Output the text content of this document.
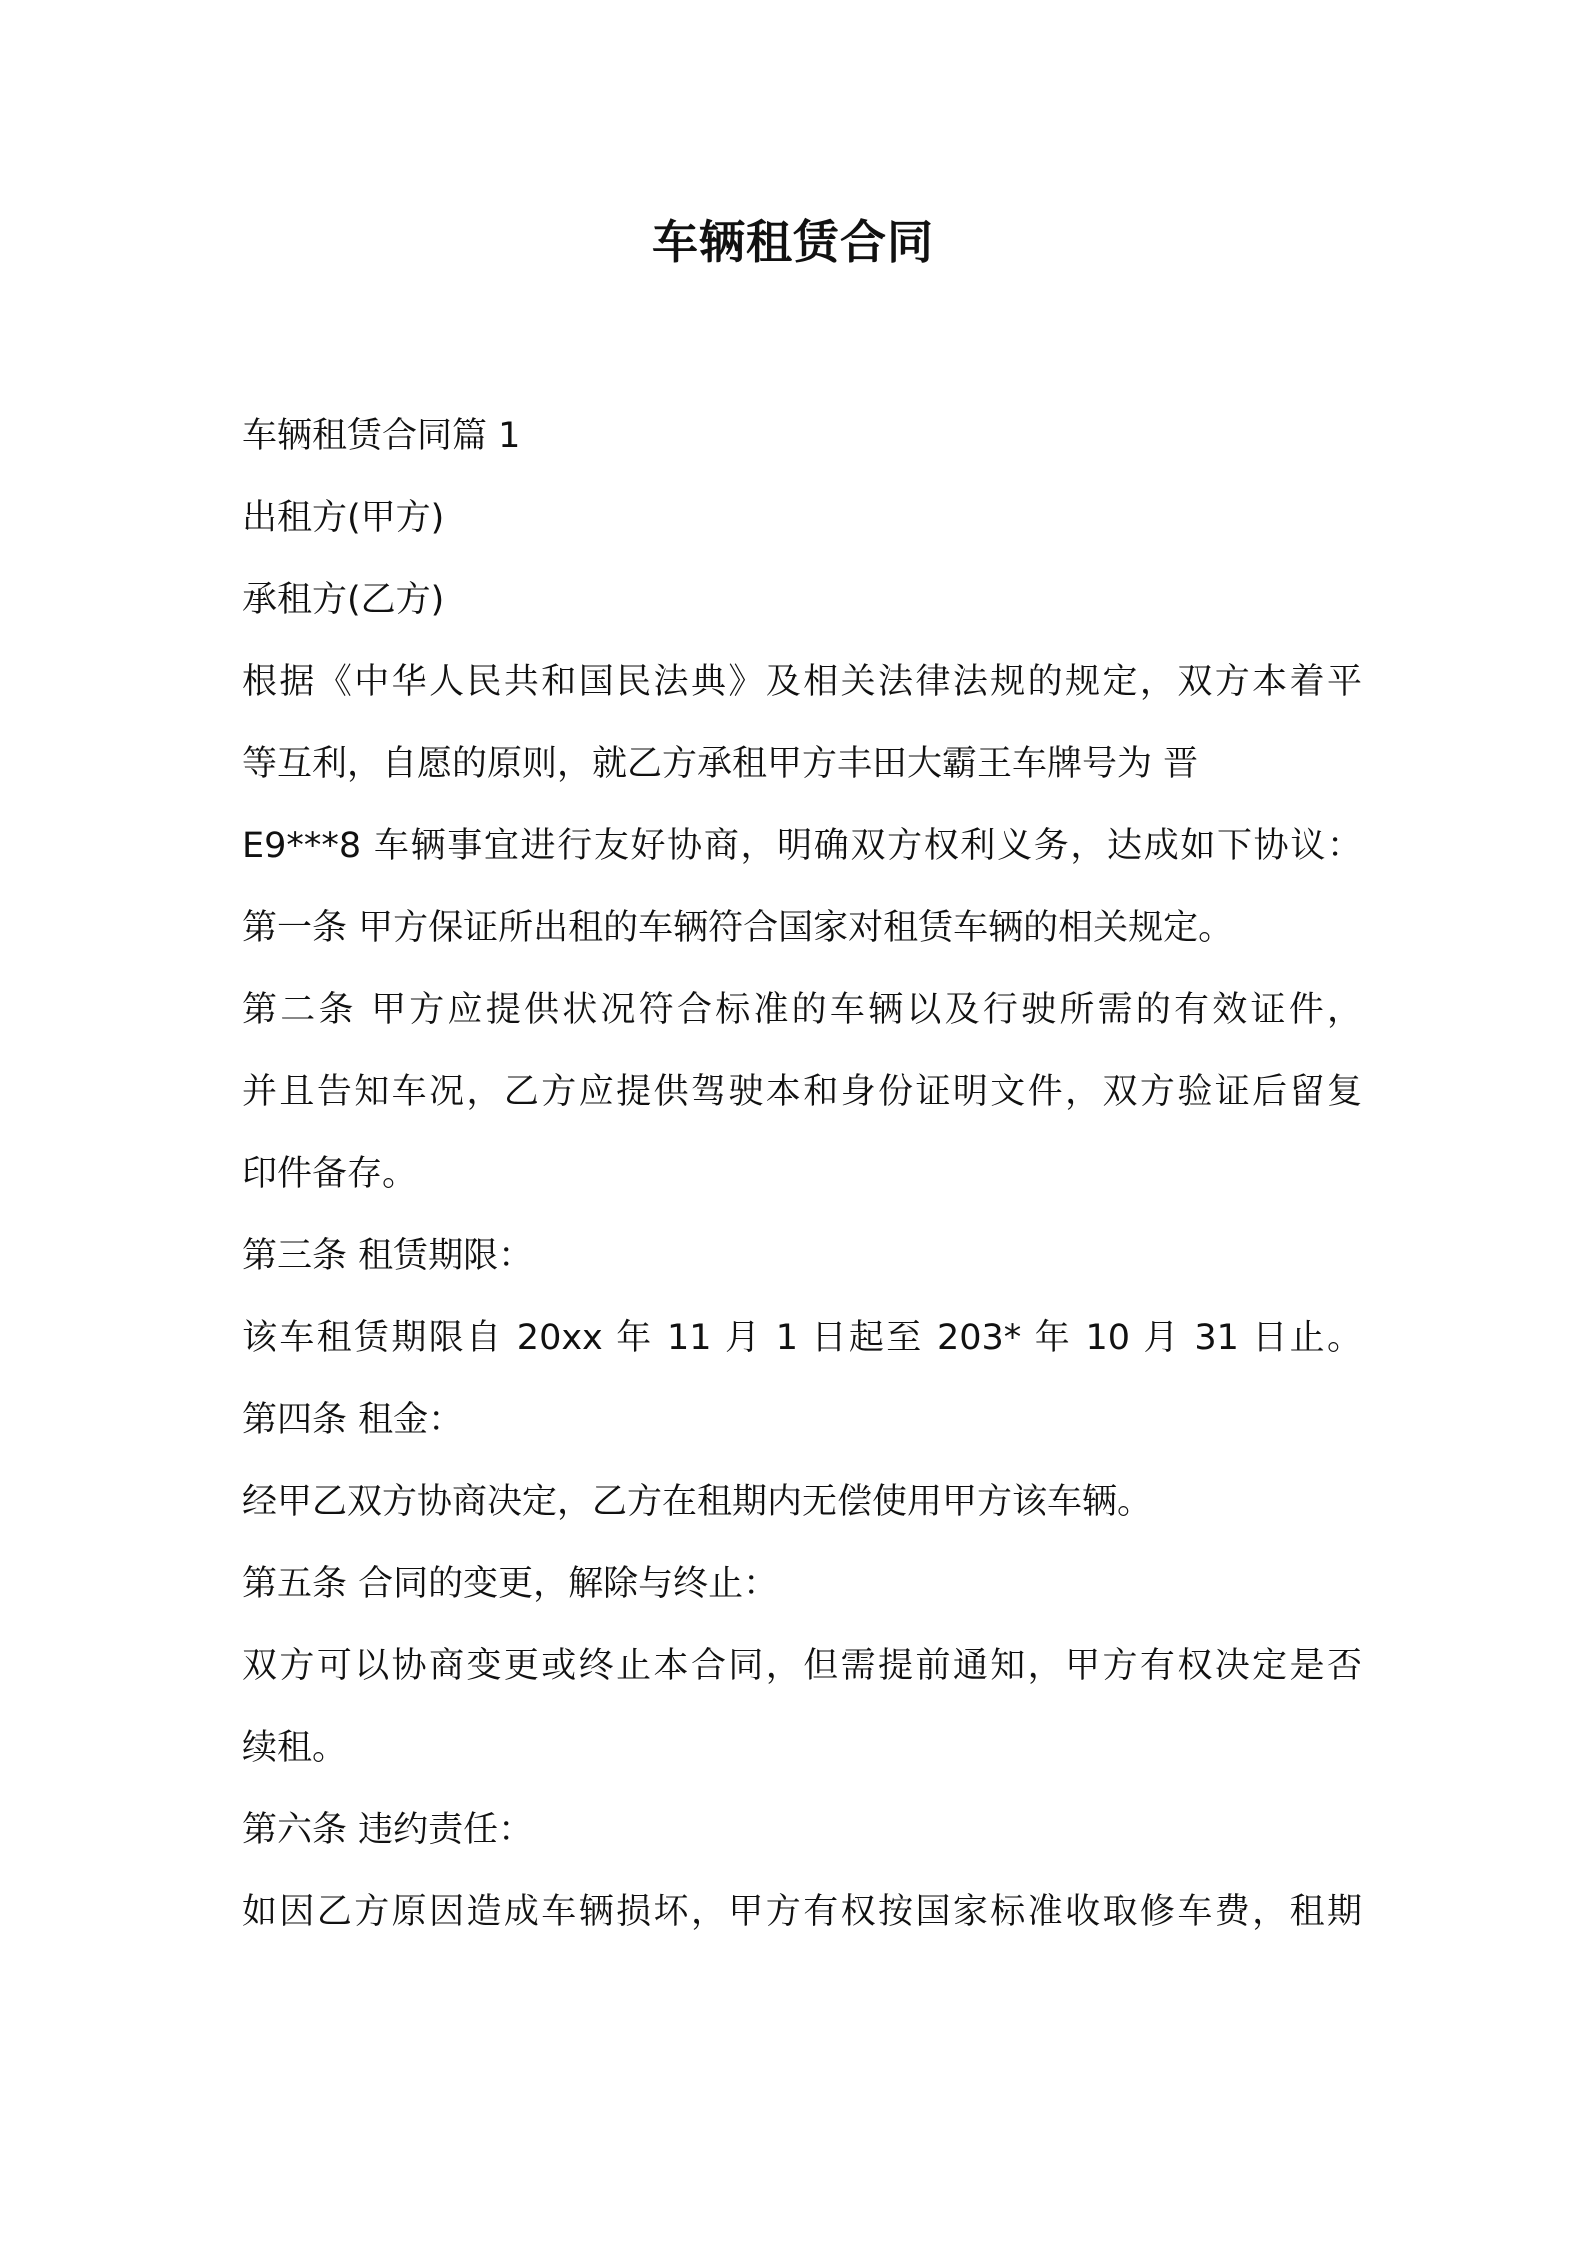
车辆租赁合同

车辆租赁合同篇 1

出租方(甲方)

承租方(乙方)

根据《中华人民共和国民法典》及相关法律法规的规定，双方本着平

等互利，自愿的原则，就乙方承租甲方丰田大霸王车牌号为 晋

E9***8 车辆事宜进行友好协商，明确双方权利义务，达成如下协议：

第一条 甲方保证所出租的车辆符合国家对租赁车辆的相关规定。

第二条 甲方应提供状况符合标准的车辆以及行驶所需的有效证件，

并且告知车况，乙方应提供驾驶本和身份证明文件，双方验证后留复

印件备存。

第三条 租赁期限：

该车租赁期限自 20xx 年 11 月 1 日起至 203* 年 10 月 31 日止。

第四条 租金：

经甲乙双方协商决定，乙方在租期内无偿使用甲方该车辆。

第五条 合同的变更，解除与终止：

双方可以协商变更或终止本合同，但需提前通知，甲方有权决定是否

续租。

第六条 违约责任：

如因乙方原因造成车辆损坏，甲方有权按国家标准收取修车费，租期
